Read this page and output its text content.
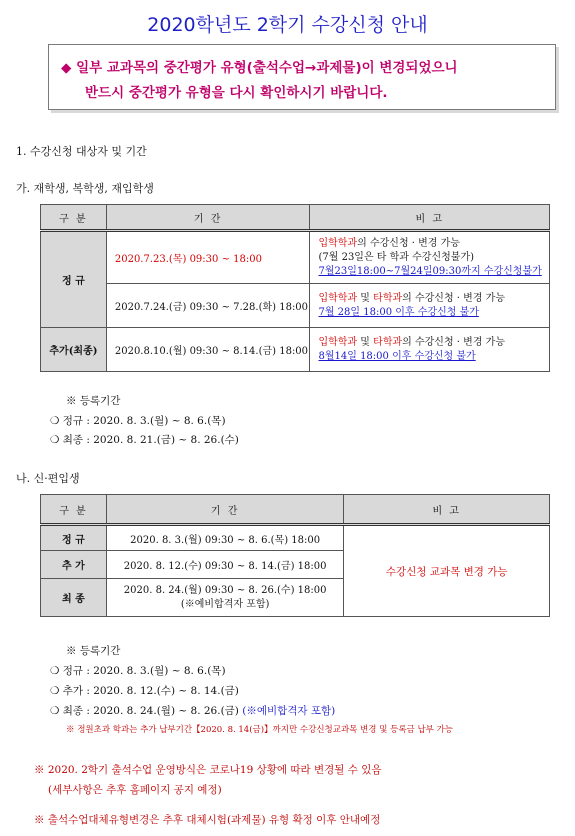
2020학년도 2학기 수강신청 안내
◆ 일부 교과목의 중간평가 유형(출석수업→과제물)이 변경되었으니
반드시 중간평가 유형을 다시 확인하시기 바랍니다.
1. 수강신청 대상자 및 기간
가. 재학생, 복학생, 재입학생
구 분	기 간	비 고
정 규	2020.7.23.(목) 09:30 ~ 18:00	입학학과의 수강신청 · 변경 가능
(7월 23일은 타 학과 수강신청불가)
7월23일18:00~7월24일09:30까지 수강신청불가
	2020.7.24.(금) 09:30 ~ 7.28.(화) 18:00	입학학과 및 타학과의 수강신청 · 변경 가능
7월 28일 18:00 이후 수강신청 불가
추가(최종)	2020.8.10.(월) 09:30 ~ 8.14.(금) 18:00	입학학과 및 타학과의 수강신청 · 변경 가능
8월14일 18:00 이후 수강신청 불가
※ 등록기간
❍ 정규 : 2020. 8. 3.(월) ~ 8. 6.(목)
❍ 최종 : 2020. 8. 21.(금) ~ 8. 26.(수)
나. 신·편입생
구 분	기 간	비 고
정 규	2020. 8. 3.(월) 09:30 ~ 8. 6.(목) 18:00	수강신청 교과목 변경 가능
추 가	2020. 8. 12.(수) 09:30 ~ 8. 14.(금) 18:00	
최 종	2020. 8. 24.(월) 09:30 ~ 8. 26.(수) 18:00
(※예비합격자 포함)	
※ 등록기간
❍ 정규 : 2020. 8. 3.(월) ~ 8. 6.(목)
❍ 추가 : 2020. 8. 12.(수) ~ 8. 14.(금)
❍ 최종 : 2020. 8. 24.(월) ~ 8. 26.(금) (※예비합격자 포함)
※ 정원초과 학과는 추가 납부기간【2020. 8. 14(금)】까지만 수강신청교과목 변경 및 등록금 납부 가능
※ 2020. 2학기 출석수업 운영방식은 코로나19 상황에 따라 변경될 수 있음
(세부사항은 추후 홈페이지 공지 예정)
※ 출석수업대체유형변경은 추후 대체시험(과제물) 유형 확정 이후 안내예정
